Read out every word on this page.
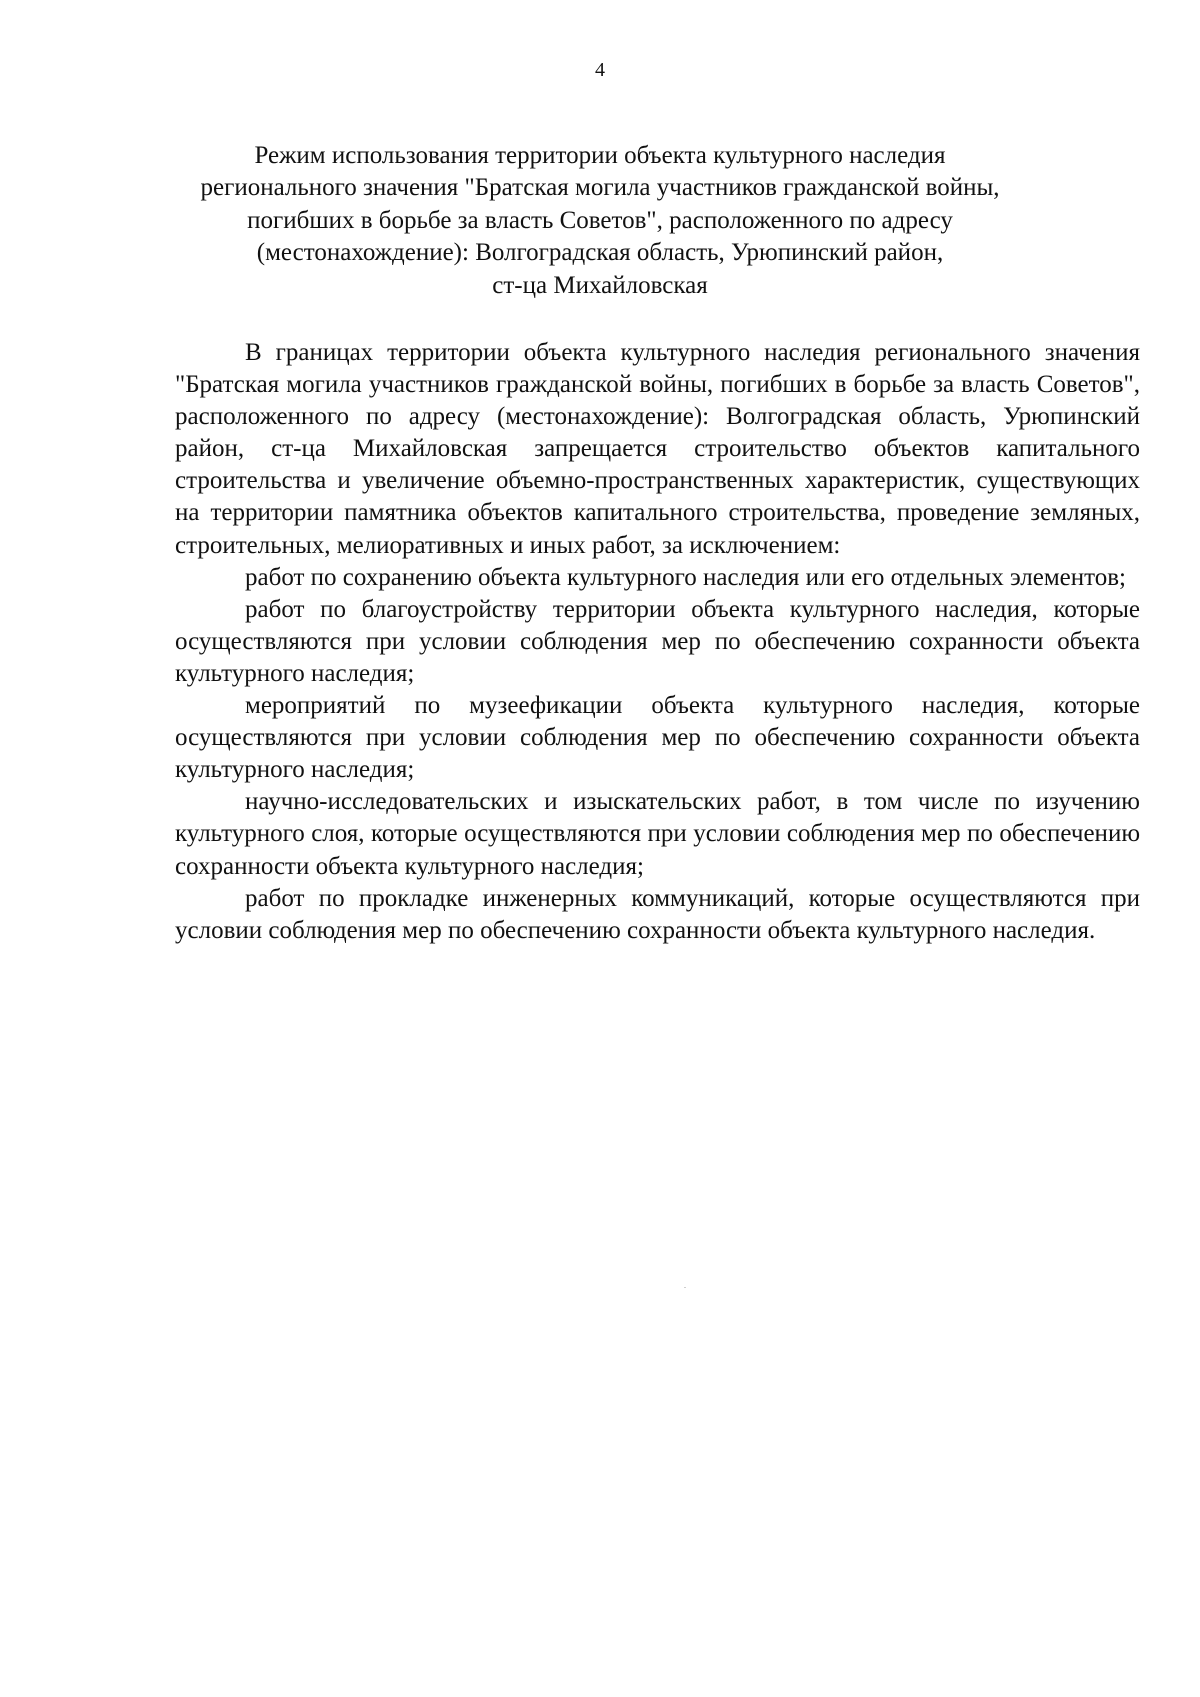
4
Режим использования территории объекта культурного наследия
регионального значения "Братская могила участников гражданской войны,
погибших в борьбе за власть Советов", расположенного по адресу
(местонахождение): Волгоградская область, Урюпинский район,
ст-ца Михайловская

В границах территории объекта культурного наследия регионального значения "Братская могила участников гражданской войны, погибших в борьбе за власть Советов", расположенного по адресу (местонахождение): Волгоградская область, Урюпинский район, ст-ца Михайловская запрещается строительство объектов капитального строительства и увеличение объемно-пространственных характеристик, существующих на территории памятника объектов капитального строительства, проведение земляных, строительных, мелиоративных и иных работ, за исключением:

работ по сохранению объекта культурного наследия или его отдельных элементов;

работ по благоустройству территории объекта культурного наследия, которые осуществляются при условии соблюдения мер по обеспечению сохранности объекта культурного наследия;

мероприятий по музеефикации объекта культурного наследия, которые осуществляются при условии соблюдения мер по обеспечению сохранности объекта культурного наследия;

научно-исследовательских и изыскательских работ, в том числе по изучению культурного слоя, которые осуществляются при условии соблюдения мер по обеспечению сохранности объекта культурного наследия;

работ по прокладке инженерных коммуникаций, которые осуществляются при условии соблюдения мер по обеспечению сохранности объекта культурного наследия.
